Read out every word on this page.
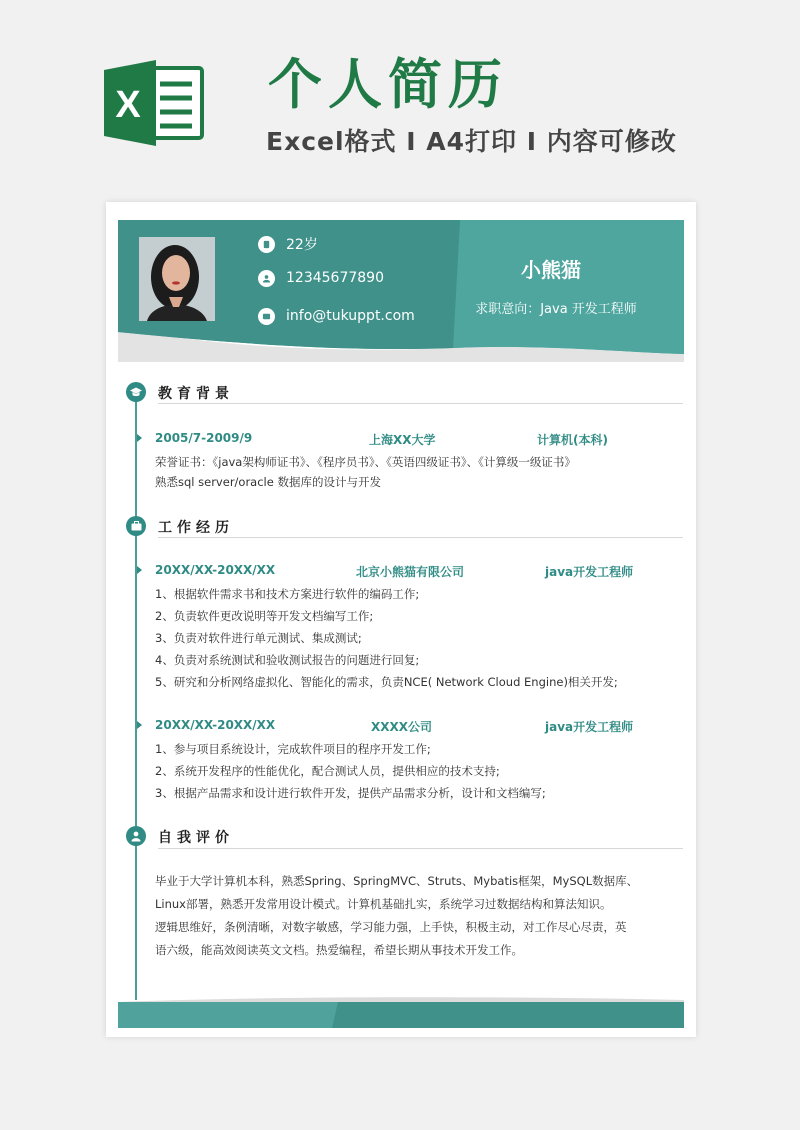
X 个人简历
Excel格式 I A4打印 I 内容可修改
22岁
12345677890
info@tukuppt.com
小熊猫
求职意向：Java 开发工程师
教育背景
2005/7-2009/9	上海XX大学	计算机(本科)
荣誉证书：《java架构师证书》、《程序员书》、《英语四级证书》、《计算级一级证书》
熟悉sql server/oracle 数据库的设计与开发
工作经历
20XX/XX-20XX/XX	北京小熊猫有限公司	java开发工程师
1、根据软件需求书和技术方案进行软件的编码工作;
2、负责软件更改说明等开发文档编写工作;
3、负责对软件进行单元测试、集成测试;
4、负责对系统测试和验收测试报告的问题进行回复;
5、研究和分析网络虚拟化、智能化的需求，负责NCE( Network Cloud Engine)相关开发;
20XX/XX-20XX/XX	XXXX公司	java开发工程师
1、参与项目系统设计，完成软件项目的程序开发工作;
2、系统开发程序的性能优化，配合测试人员，提供相应的技术支持;
3、根据产品需求和设计进行软件开发，提供产品需求分析，设计和文档编写;
自我评价
毕业于大学计算机本科，熟悉Spring、SpringMVC、Struts、Mybatis框架，MySQL数据库、
Linux部署，熟悉开发常用设计模式。计算机基础扎实，系统学习过数据结构和算法知识。
逻辑思维好，条例清晰，对数字敏感，学习能力强，上手快，积极主动，对工作尽心尽责，英
语六级，能高效阅读英文文档。热爱编程，希望长期从事技术开发工作。
